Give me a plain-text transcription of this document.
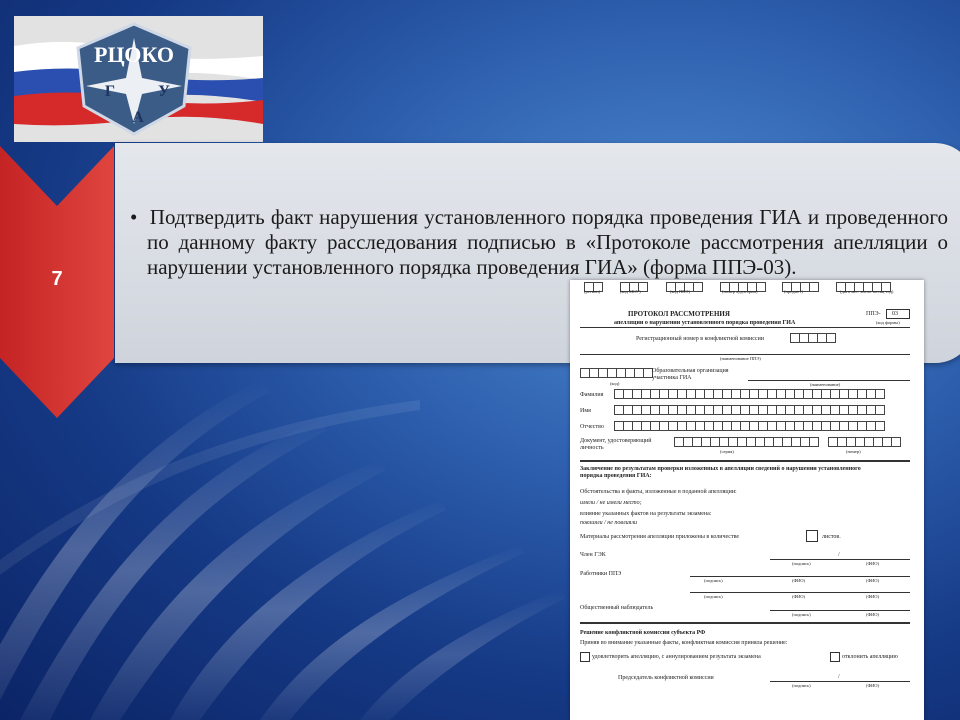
РЦОКО
Г	У
А
7
•  Подтвердить факт нарушения установленного порядка проведения ГИА и проведенного по данному факту расследования подписью в «Протоколе рассмотрения апелляции о нарушении установленного порядка проведения ГИА» (форма ППЭ-03).
(регион)	(код МСУ)	(код ППЭ)	(номер аудитории)	(предмет)	(дата экз.: число-месяц-год)
ПРОТОКОЛ РАССМОТРЕНИЯ
апелляции о нарушении установленного порядка проведения ГИА
ППЭ- 03
(код формы)
Регистрационный номер в конфликтной комиссии
(наименование ППЭ)
Образовательная организация участника ГИА
(код)	(наименование)
Фамилия
Имя
Отчество
Документ, удостоверяющий личность
(серия)	(номер)
Заключение по результатам проверки изложенных в апелляции сведений о нарушении установленного порядка проведения ГИА:
Обстоятельства и факты, изложенные в поданной апелляции:
имели / не имели место;
влияние указанных фактов на результаты экзамена:
повлияли / не повлияли
Материалы рассмотрения апелляции приложены в количестве	листов.
Член ГЭК	/
(подпись)	(ФИО)
Работники ППЭ
(подпись)	(ФИО)	(ФИО)
(подпись)	(ФИО)	(ФИО)
Общественный наблюдатель
(подпись)	(ФИО)
Решение конфликтной комиссии субъекта РФ
Приняв во внимание указанные факты, конфликтная комиссия приняла решение:
удовлетворить апелляцию, с аннулированием результата экзамена	отклонить апелляцию
Председатель конфликтной комиссии	/
(подпись)	(ФИО)
